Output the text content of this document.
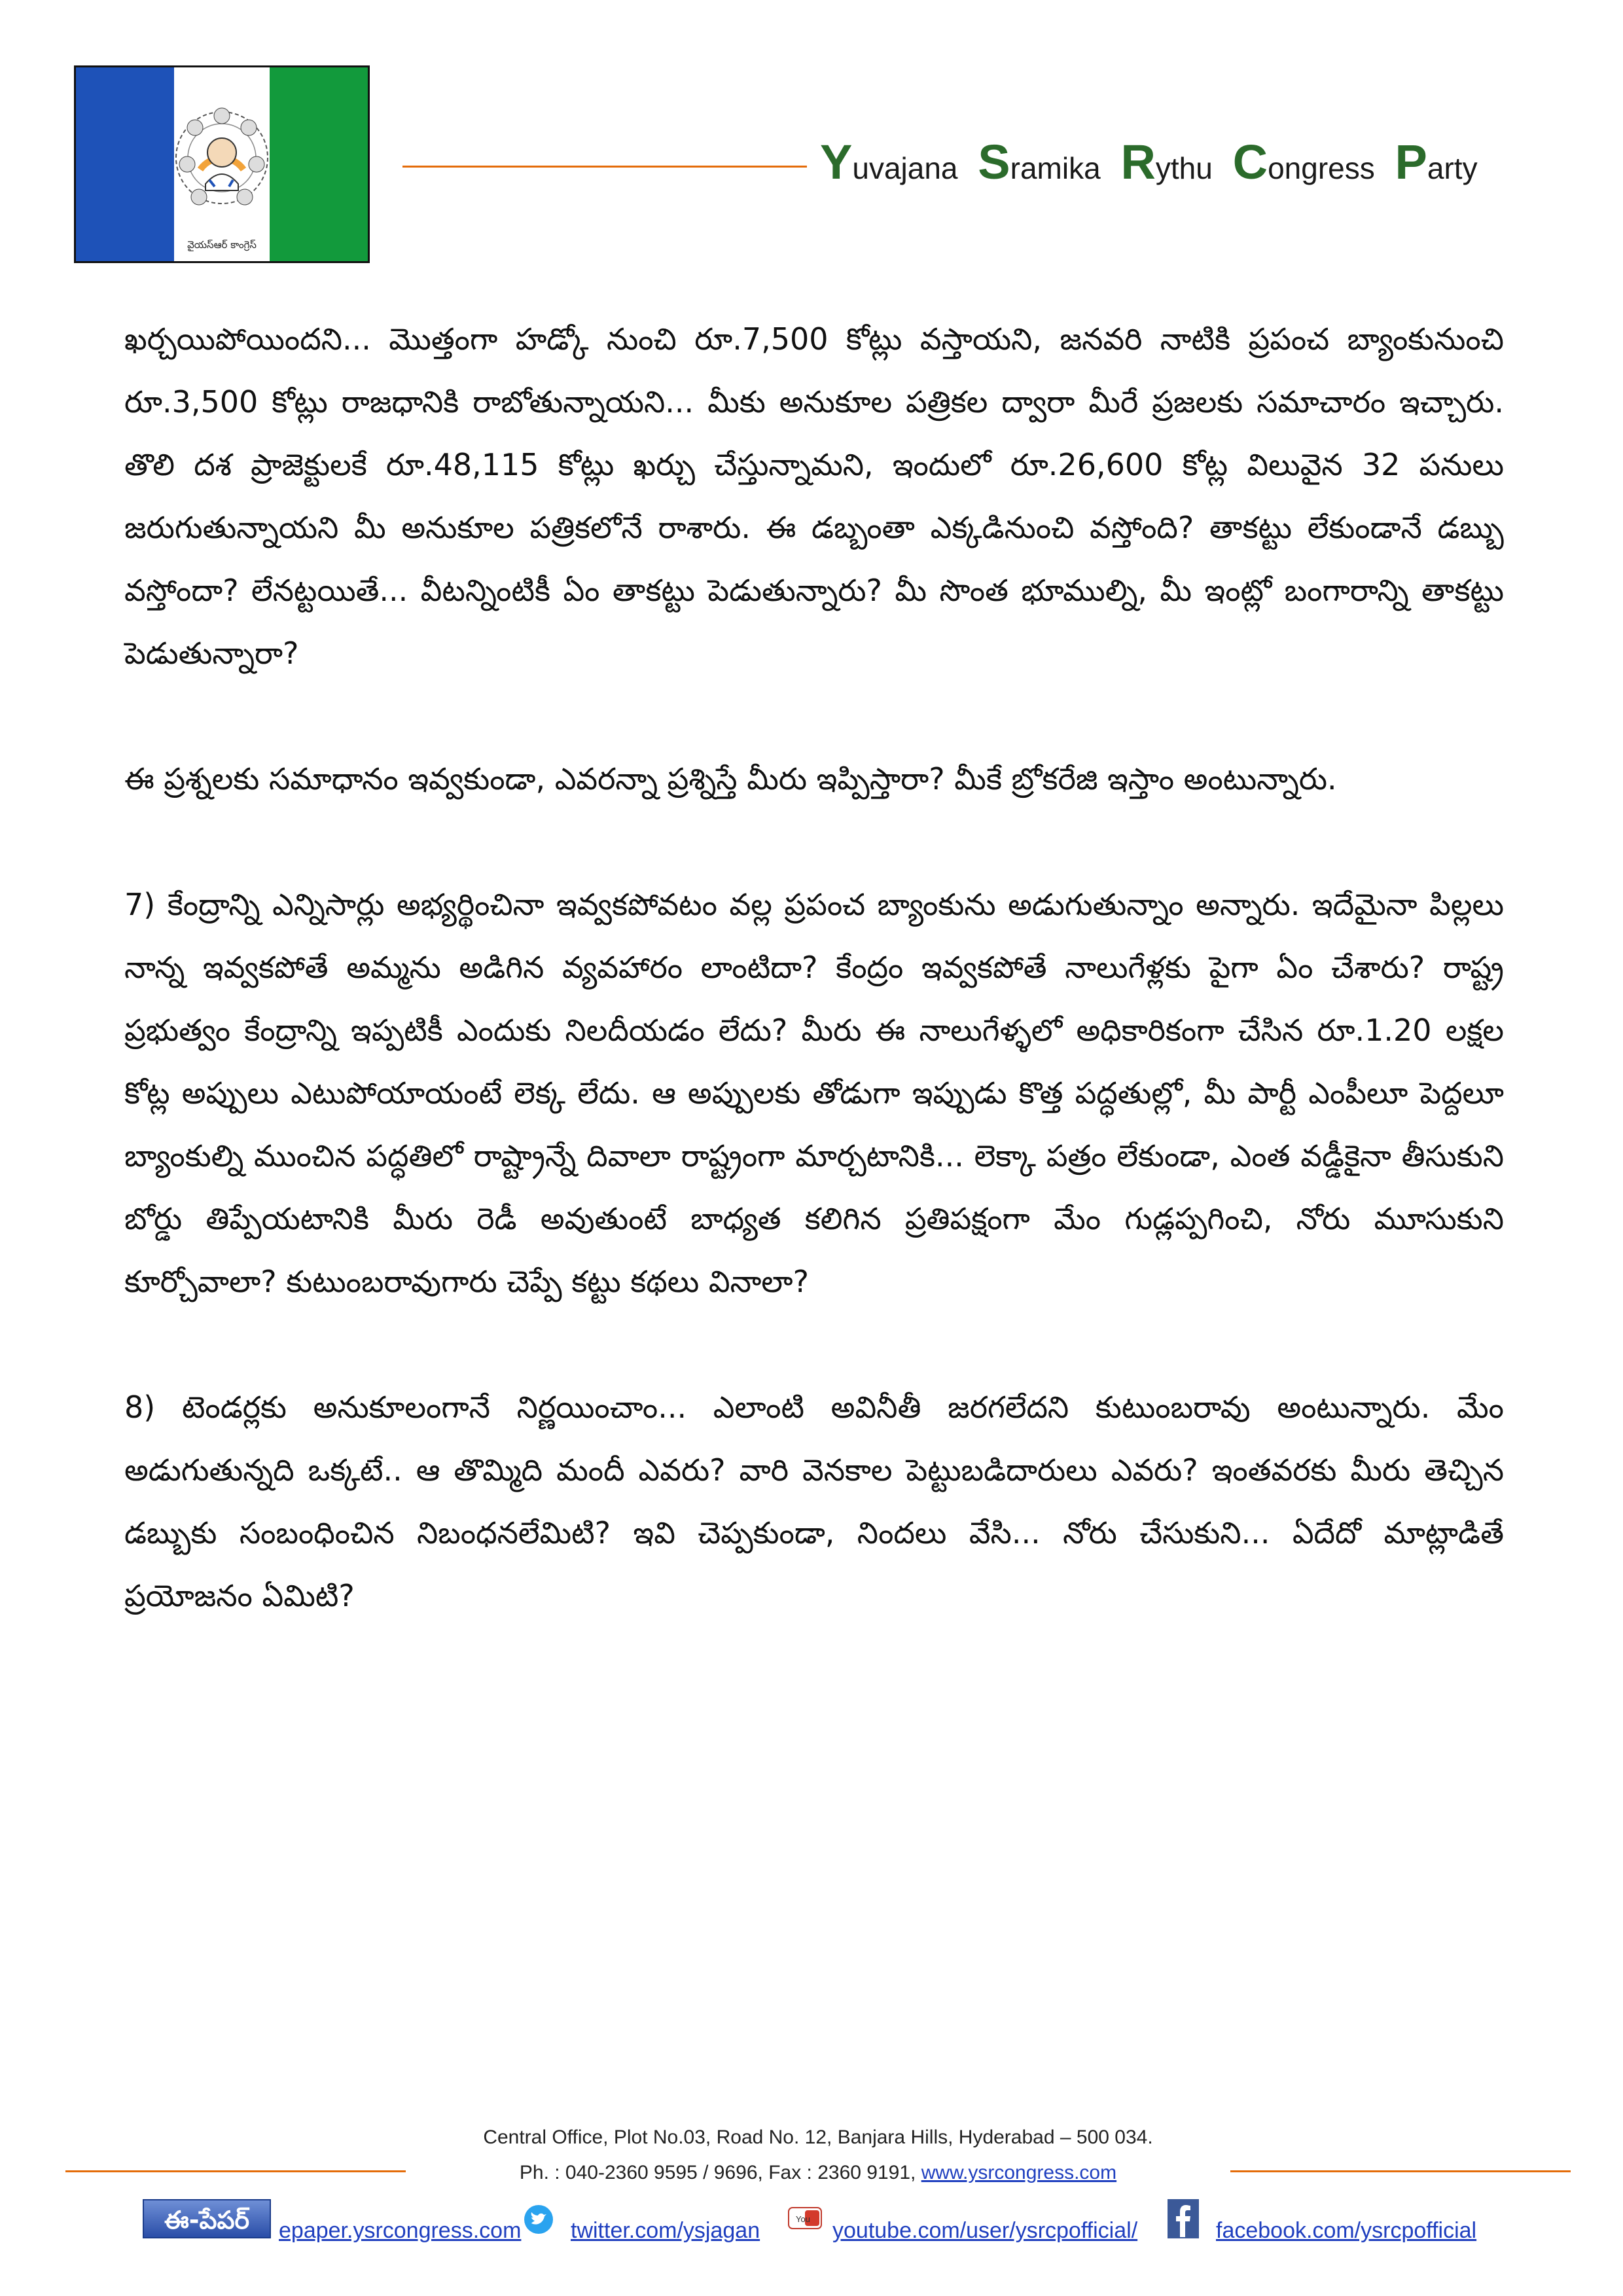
వైయస్ఆర్ కాంగ్రెస్
Yuvajana Sramika Rythu Congress Party

ఖర్చయిపోయిందని... మొత్తంగా హడ్కో నుంచి రూ.7,500 కోట్లు వస్తాయని, జనవరి నాటికి ప్రపంచ బ్యాంకునుంచి రూ.3,500 కోట్లు రాజధానికి రాబోతున్నాయని... మీకు అనుకూల పత్రికల ద్వారా మీరే ప్రజలకు సమాచారం ఇచ్చారు. తొలి దశ ప్రాజెక్టులకే రూ.48,115 కోట్లు ఖర్చు చేస్తున్నామని, ఇందులో రూ.26,600 కోట్ల విలువైన 32 పనులు జరుగుతున్నాయని మీ అనుకూల పత్రికలోనే రాశారు. ఈ డబ్బంతా ఎక్కడినుంచి వస్తోంది? తాకట్టు లేకుండానే డబ్బు వస్తోందా? లేనట్టయితే... వీటన్నింటికీ ఏం తాకట్టు పెడుతున్నారు? మీ సొంత భూముల్ని, మీ ఇంట్లో బంగారాన్ని తాకట్టు పెడుతున్నారా?

ఈ ప్రశ్నలకు సమాధానం ఇవ్వకుండా, ఎవరన్నా ప్రశ్నిస్తే మీరు ఇప్పిస్తారా? మీకే బ్రోకరేజి ఇస్తాం అంటున్నారు.

7) కేంద్రాన్ని ఎన్నిసార్లు అభ్యర్థించినా ఇవ్వకపోవటం వల్ల ప్రపంచ బ్యాంకును అడుగుతున్నాం అన్నారు. ఇదేమైనా పిల్లలు నాన్న ఇవ్వకపోతే అమ్మను అడిగిన వ్యవహారం లాంటిదా? కేంద్రం ఇవ్వకపోతే నాలుగేళ్లకు పైగా ఏం చేశారు? రాష్ట్ర ప్రభుత్వం కేంద్రాన్ని ఇప్పటికీ ఎందుకు నిలదీయడం లేదు? మీరు ఈ నాలుగేళ్ళలో అధికారికంగా చేసిన రూ.1.20 లక్షల కోట్ల అప్పులు ఎటుపోయాయంటే లెక్క లేదు. ఆ అప్పులకు తోడుగా ఇప్పుడు కొత్త పద్ధతుల్లో, మీ పార్టీ ఎంపీలూ పెద్దలూ బ్యాంకుల్ని ముంచిన పద్ధతిలో రాష్ట్రాన్నే దివాలా రాష్ట్రంగా మార్చటానికి... లెక్కా పత్రం లేకుండా, ఎంత వడ్డీకైనా తీసుకుని బోర్డు తిప్పేయటానికి మీరు రెడీ అవుతుంటే బాధ్యత కలిగిన ప్రతిపక్షంగా మేం గుడ్లప్పగించి, నోరు మూసుకుని కూర్చోవాలా? కుటుంబరావుగారు చెప్పే కట్టు కథలు వినాలా?

8) టెండర్లకు అనుకూలంగానే నిర్ణయించాం... ఎలాంటి అవినీతీ జరగలేదని కుటుంబరావు అంటున్నారు. మేం అడుగుతున్నది ఒక్కటే.. ఆ తొమ్మిది మందీ ఎవరు? వారి వెనకాల పెట్టుబడిదారులు ఎవరు? ఇంతవరకు మీరు తెచ్చిన డబ్బుకు సంబంధించిన నిబంధనలేమిటి? ఇవి చెప్పకుండా, నిందలు వేసి... నోరు చేసుకుని... ఏదేదో మాట్లాడితే ప్రయోజనం ఏమిటి?

Central Office, Plot No.03, Road No. 12, Banjara Hills, Hyderabad – 500 034.
Ph. : 040-2360 9595 / 9696, Fax : 2360 9191, www.ysrcongress.com
ఈ-పేపర్	epaper.ysrcongress.com twitter.com/ysjagan	You youtube.com/user/ysrcpofficial/	facebook.com/ysrcpofficial
